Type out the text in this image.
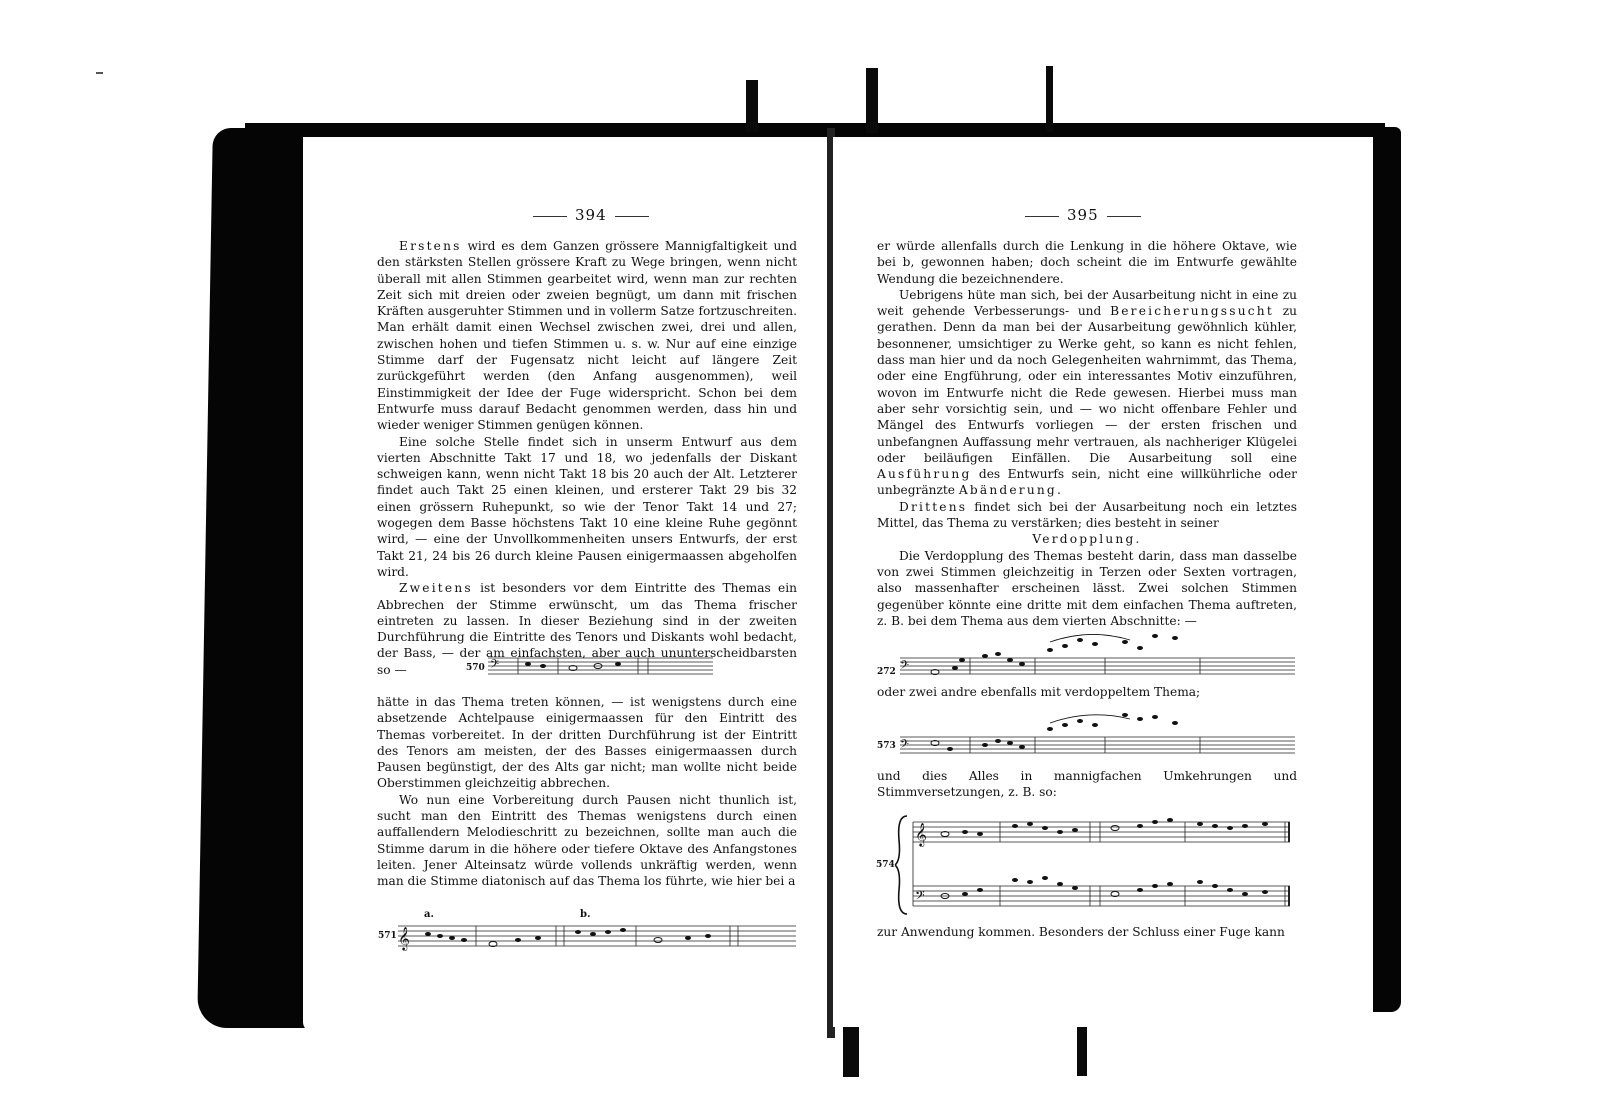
394

Erstens wird es dem Ganzen grössere Mannigfaltigkeit und den stärksten Stellen grössere Kraft zu Wege bringen, wenn nicht überall mit allen Stimmen gearbeitet wird, wenn man zur rechten Zeit sich mit dreien oder zweien begnügt, um dann mit frischen Kräften ausgeruhter Stimmen und in vollerm Satze fortzuschreiten. Man erhält damit einen Wechsel zwischen zwei, drei und allen, zwischen hohen und tiefen Stimmen u. s. w. Nur auf eine einzige Stimme darf der Fugensatz nicht leicht auf längere Zeit zurückgeführt werden (den Anfang ausgenommen), weil Einstimmigkeit der Idee der Fuge widerspricht. Schon bei dem Entwurfe muss darauf Bedacht genommen werden, dass hin und wieder weniger Stimmen genügen können.

Eine solche Stelle findet sich in unserm Entwurf aus dem vierten Abschnitte Takt 17 und 18, wo jedenfalls der Diskant schweigen kann, wenn nicht Takt 18 bis 20 auch der Alt. Letzterer findet auch Takt 25 einen kleinen, und ersterer Takt 29 bis 32 einen grössern Ruhepunkt, so wie der Tenor Takt 14 und 27; wogegen dem Basse höchstens Takt 10 eine kleine Ruhe gegönnt wird, — eine der Unvollkommenheiten unsers Entwurfs, der erst Takt 21, 24 bis 26 durch kleine Pausen einigermaassen abgeholfen wird.

Zweitens ist besonders vor dem Eintritte des Themas ein Abbrechen der Stimme erwünscht, um das Thema frischer eintreten zu lassen. In dieser Beziehung sind in der zweiten Durchführung die Eintritte des Tenors und Diskants wohl bedacht, der Bass, — der am einfachsten, aber auch ununterscheidbarsten so —	570 𝄢

hätte in das Thema treten können, — ist wenigstens durch eine absetzende Achtelpause einigermaassen für den Eintritt des Themas vorbereitet. In der dritten Durchführung ist der Eintritt des Tenors am meisten, der des Basses einigermaassen durch Pausen begünstigt, der des Alts gar nicht; man wollte nicht beide Oberstimmen gleichzeitig abbrechen.

Wo nun eine Vorbereitung durch Pausen nicht thunlich ist, sucht man den Eintritt des Themas wenigstens durch einen auffallendern Melodieschritt zu bezeichnen, sollte man auch die Stimme darum in die höhere oder tiefere Oktave des Anfangstones leiten. Jener Alteinsatz würde vollends unkräftig werden, wenn man die Stimme diatonisch auf das Thema los führte, wie hier bei a

571
a.	b.
𝄞
395

er würde allenfalls durch die Lenkung in die höhere Oktave, wie bei b, gewonnen haben; doch scheint die im Entwurfe gewählte Wendung die bezeichnendere.

Uebrigens hüte man sich, bei der Ausarbeitung nicht in eine zu weit gehende Verbesserungs- und Bereicherungssucht zu gerathen. Denn da man bei der Ausarbeitung gewöhnlich kühler, besonnener, umsichtiger zu Werke geht, so kann es nicht fehlen, dass man hier und da noch Gelegenheiten wahrnimmt, das Thema, oder eine Engführung, oder ein interessantes Motiv einzuführen, wovon im Entwurfe nicht die Rede gewesen. Hierbei muss man aber sehr vorsichtig sein, und — wo nicht offenbare Fehler und Mängel des Entwurfs vorliegen — der ersten frischen und unbefangnen Auffassung mehr vertrauen, als nachheriger Klügelei oder beiläufigen Einfällen. Die Ausarbeitung soll eine Ausführung des Entwurfs sein, nicht eine willkührliche oder unbegränzte Abänderung.

Drittens findet sich bei der Ausarbeitung noch ein letztes Mittel, das Thema zu verstärken; dies besteht in seiner

Verdopplung.

Die Verdopplung des Themas besteht darin, dass man dasselbe von zwei Stimmen gleichzeitig in Terzen oder Sexten vortragen, also massenhafter erscheinen lässt. Zwei solchen Stimmen gegenüber könnte eine dritte mit dem einfachen Thema auftreten, z. B. bei dem Thema aus dem vierten Abschnitte: —

272 𝄢

oder zwei andre ebenfalls mit verdoppeltem Thema;

573 𝄢

und dies Alles in mannigfachen Umkehrungen und Stimmversetzungen, z. B. so:

574
𝄞
𝄢

zur Anwendung kommen. Besonders der Schluss einer Fuge kann
